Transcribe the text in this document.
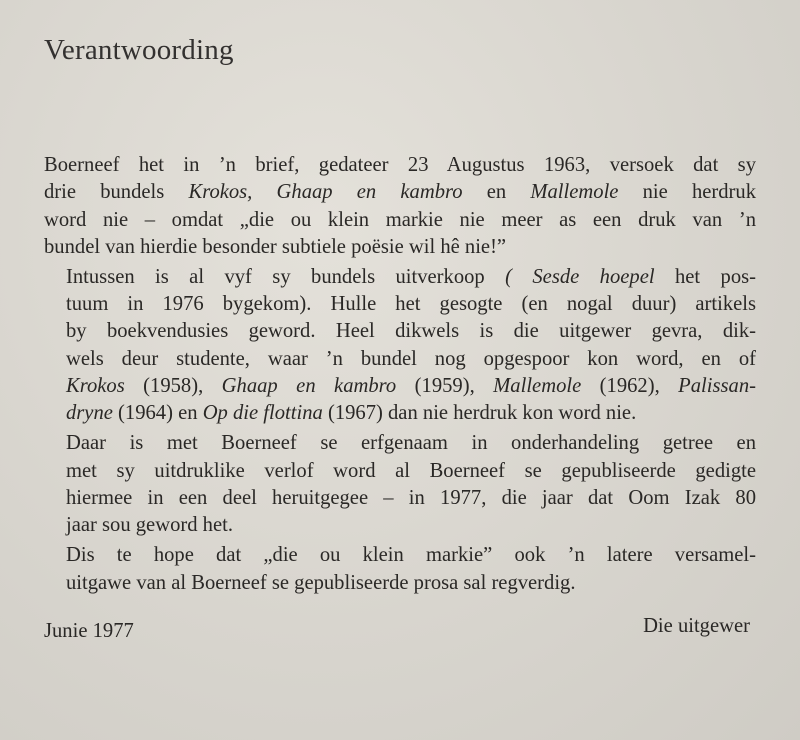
Verantwoording

Boerneef het in ’n brief, gedateer 23 Augustus 1963, versoek dat sy
drie bundels Krokos, Ghaap en kambro en Mallemole nie herdruk
word nie – omdat „die ou klein markie nie meer as een druk van ’n
bundel van hierdie besonder subtiele poësie wil hê nie!”

Intussen is al vyf sy bundels uitverkoop ( Sesde hoepel het pos-
tuum in 1976 bygekom). Hulle het gesogte (en nogal duur) artikels
by boekvendusies geword. Heel dikwels is die uitgewer gevra, dik-
wels deur studente, waar ’n bundel nog opgespoor kon word, en of
Krokos (1958), Ghaap en kambro (1959), Mallemole (1962), Palissan-
dryne (1964) en Op die flottina (1967) dan nie herdruk kon word nie.

Daar is met Boerneef se erfgenaam in onderhandeling getree en
met sy uitdruklike verlof word al Boerneef se gepubliseerde gedigte
hiermee in een deel heruitgegee – in 1977, die jaar dat Oom Izak 80
jaar sou geword het.

Dis te hope dat „die ou klein markie” ook ’n latere versamel-
uitgawe van al Boerneef se gepubliseerde prosa sal regverdig.

Junie 1977	Die uitgewer
